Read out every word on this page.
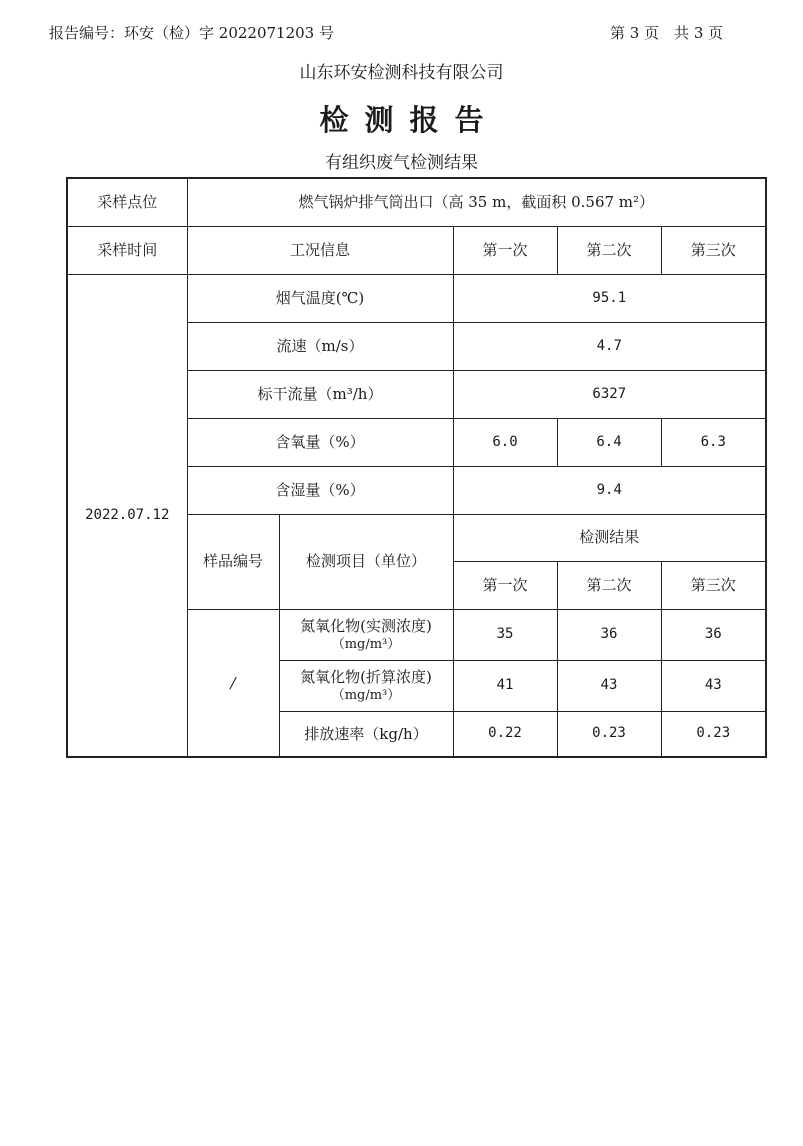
报告编号：环安（检）字 2022071203 号	第 3 页　共 3 页
山东环安检测科技有限公司
检测报告
有组织废气检测结果
采样点位	燃气锅炉排气筒出口（高 35 m，截面积 0.567 m²）				
采样时间	工况信息		第一次	第二次	第三次
2022.07.12	烟气温度(℃)		95.1		
	流速（m/s）		4.7		
	标干流量（m³/h）		6327		
	含氧量（%）		6.0	6.4	6.3
	含湿量（%）		9.4		
	样品编号	检测项目（单位）	检测结果		
			第一次	第二次	第三次
	/	氮氧化物(实测浓度)
（mg/m³）	35	36	36

		氮氧化物(折算浓度)
（mg/m³）	41	43	43

		排放速率（kg/h）	0.22	0.23	0.23
